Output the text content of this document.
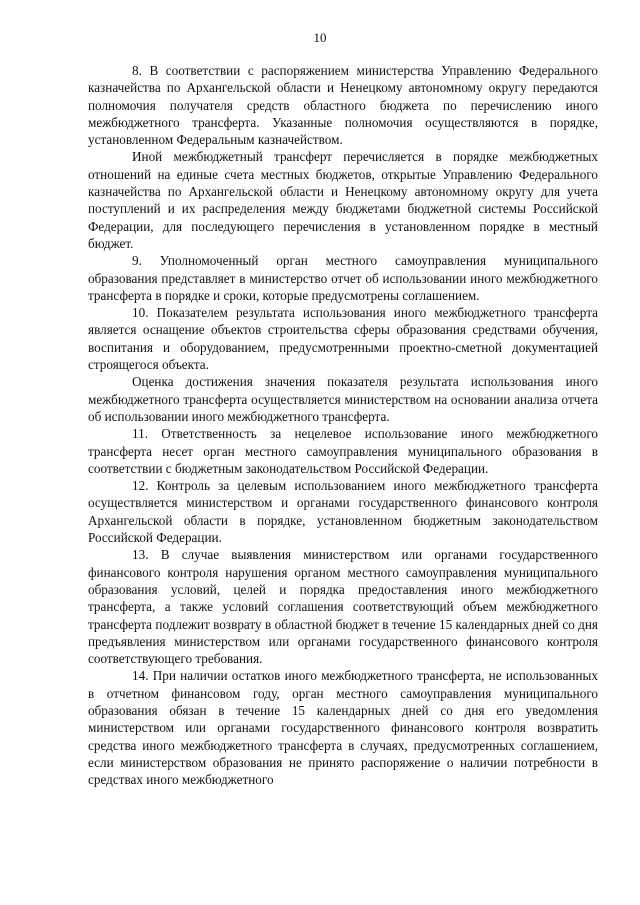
10

8. В соответствии с распоряжением министерства Управлению Федерального казначейства по Архангельской области и Ненецкому автономному округу передаются полномочия получателя средств областного бюджета по перечислению иного межбюджетного трансферта. Указанные полномочия осуществляются в порядке, установленном Федеральным казначейством.

Иной межбюджетный трансферт перечисляется в порядке межбюджетных отношений на единые счета местных бюджетов, открытые Управлению Федерального казначейства по Архангельской области и Ненецкому автономному округу для учета поступлений и их распределения между бюджетами бюджетной системы Российской Федерации, для последующего перечисления в установленном порядке в местный бюджет.

9. Уполномоченный орган местного самоуправления муниципального образования представляет в министерство отчет об использовании иного межбюджетного трансферта в порядке и сроки, которые предусмотрены соглашением.

10. Показателем результата использования иного межбюджетного трансферта является оснащение объектов строительства сферы образования средствами обучения, воспитания и оборудованием, предусмотренными проектно-сметной документацией строящегося объекта.

Оценка достижения значения показателя результата использования иного межбюджетного трансферта осуществляется министерством на основании анализа отчета об использовании иного межбюджетного трансферта.

11. Ответственность за нецелевое использование иного межбюджетного трансферта несет орган местного самоуправления муниципального образования в соответствии с бюджетным законодательством Российской Федерации.

12. Контроль за целевым использованием иного межбюджетного трансферта осуществляется министерством и органами государственного финансового контроля Архангельской области в порядке, установленном бюджетным законодательством Российской Федерации.

13. В случае выявления министерством или органами государственного финансового контроля нарушения органом местного самоуправления муниципального образования условий, целей и порядка предоставления иного межбюджетного трансферта, а также условий соглашения соответствующий объем межбюджетного трансферта подлежит возврату в областной бюджет в течение 15 календарных дней со дня предъявления министерством или органами государственного финансового контроля соответствующего требования.

14. При наличии остатков иного межбюджетного трансферта, не использованных в отчетном финансовом году, орган местного самоуправления муниципального образования обязан в течение 15 календарных дней со дня его уведомления министерством или органами государственного финансового контроля возвратить средства иного межбюджетного трансферта в случаях, предусмотренных соглашением, если министерством образования не принято распоряжение о наличии потребности в средствах иного межбюджетного
